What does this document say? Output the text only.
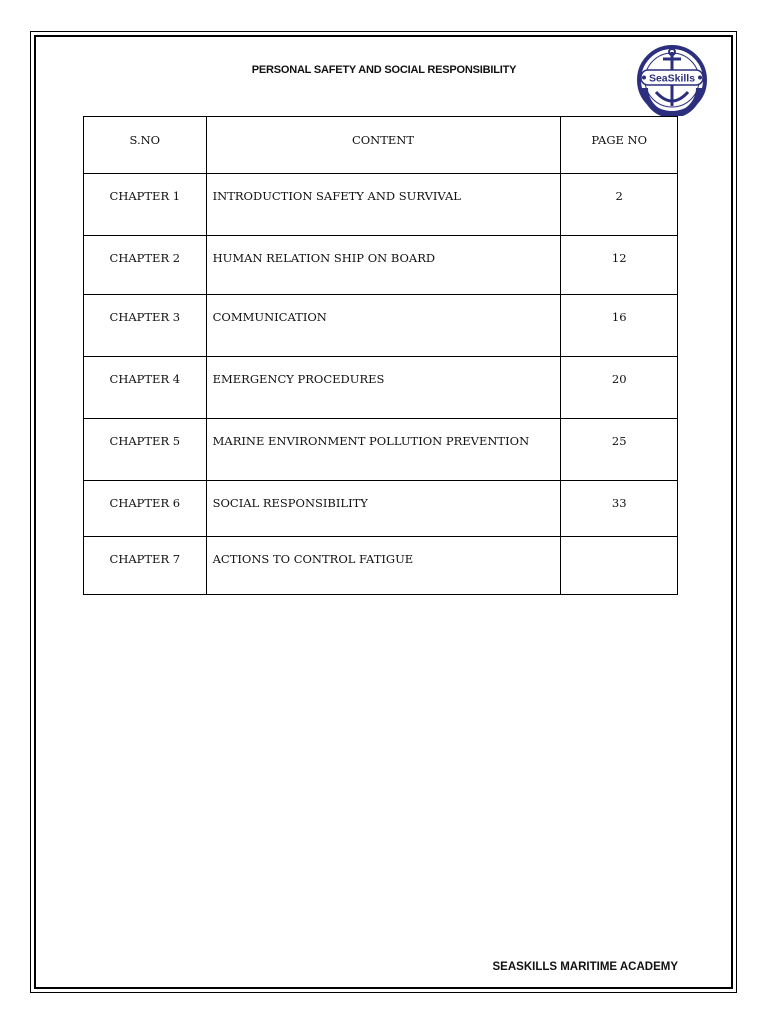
PERSONAL SAFETY AND SOCIAL RESPONSIBILITY
SeaSkills
S.NO	CONTENT	PAGE NO
CHAPTER 1	INTRODUCTION SAFETY AND SURVIVAL	2
CHAPTER 2	HUMAN RELATION SHIP ON BOARD	12
CHAPTER 3	COMMUNICATION	16
CHAPTER 4	EMERGENCY PROCEDURES	20
CHAPTER 5	MARINE ENVIRONMENT POLLUTION PREVENTION	25
CHAPTER 6	SOCIAL RESPONSIBILITY	33
CHAPTER 7	ACTIONS TO CONTROL FATIGUE	
SEASKILLS MARITIME ACADEMY
